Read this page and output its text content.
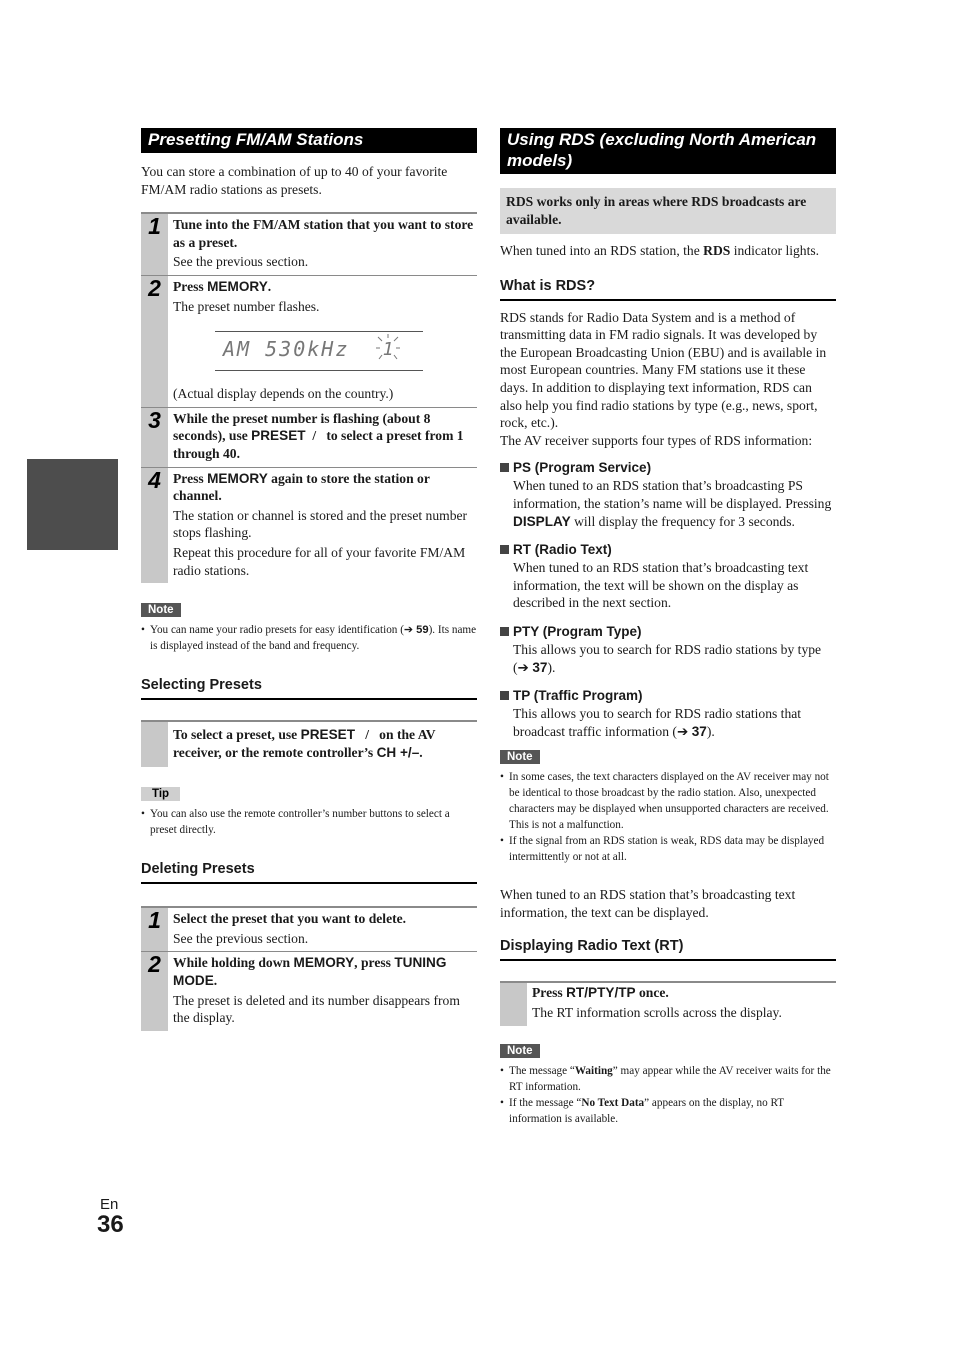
Presetting FM/AM Stations

You can store a combination of up to 40 of your favorite FM/AM radio stations as presets.

1 Tune into the FM/AM station that you want to store as a preset.

See the previous section.

2 Press MEMORY.

The preset number flashes.

AM 530kHz 1

(Actual display depends on the country.)

3 While the preset number is flashing (about 8 seconds), use PRESET  /   to select a preset from 1 through 40.

4 Press MEMORY again to store the station or channel.

The station or channel is stored and the preset number stops flashing.

Repeat this procedure for all of your favorite FM/AM radio stations.

Note
• You can name your radio presets for easy identification (➔ 59). Its name is displayed instead of the band and frequency.
Selecting Presets

To select a preset, use PRESET   /   on the AV receiver, or the remote controller’s CH +/–.

Tip
• You can also use the remote controller’s number buttons to select a preset directly.
Deleting Presets
1 Select the preset that you want to delete.

See the previous section.

2 While holding down MEMORY, press TUNING MODE.

The preset is deleted and its number disappears from the display.

Using RDS (excluding North American models)
RDS works only in areas where RDS broadcasts are available.

When tuned into an RDS station, the RDS indicator lights.

What is RDS?

RDS stands for Radio Data System and is a method of transmitting data in FM radio signals. It was developed by the European Broadcasting Union (EBU) and is available in most European countries. Many FM stations use it these days. In addition to displaying text information, RDS can also help you find radio stations by type (e.g., news, sport, rock, etc.).

The AV receiver supports four types of RDS information:

PS (Program Service)

When tuned to an RDS station that’s broadcasting PS information, the station’s name will be displayed. Pressing DISPLAY will display the frequency for 3 seconds.

RT (Radio Text)

When tuned to an RDS station that’s broadcasting text information, the text will be shown on the display as described in the next section.

PTY (Program Type)

This allows you to search for RDS radio stations by type (➔ 37).

TP (Traffic Program)

This allows you to search for RDS radio stations that broadcast traffic information (➔ 37).

Note
• In some cases, the text characters displayed on the AV receiver may not be identical to those broadcast by the radio station. Also, unexpected characters may be displayed when unsupported characters are received. This is not a malfunction.
• If the signal from an RDS station is weak, RDS data may be displayed intermittently or not at all.

When tuned to an RDS station that’s broadcasting text information, the text can be displayed.

Displaying Radio Text (RT)

Press RT/PTY/TP once.

The RT information scrolls across the display.

Note
• The message “Waiting” may appear while the AV receiver waits for the RT information.
• If the message “No Text Data” appears on the display, no RT information is available.
En
36
